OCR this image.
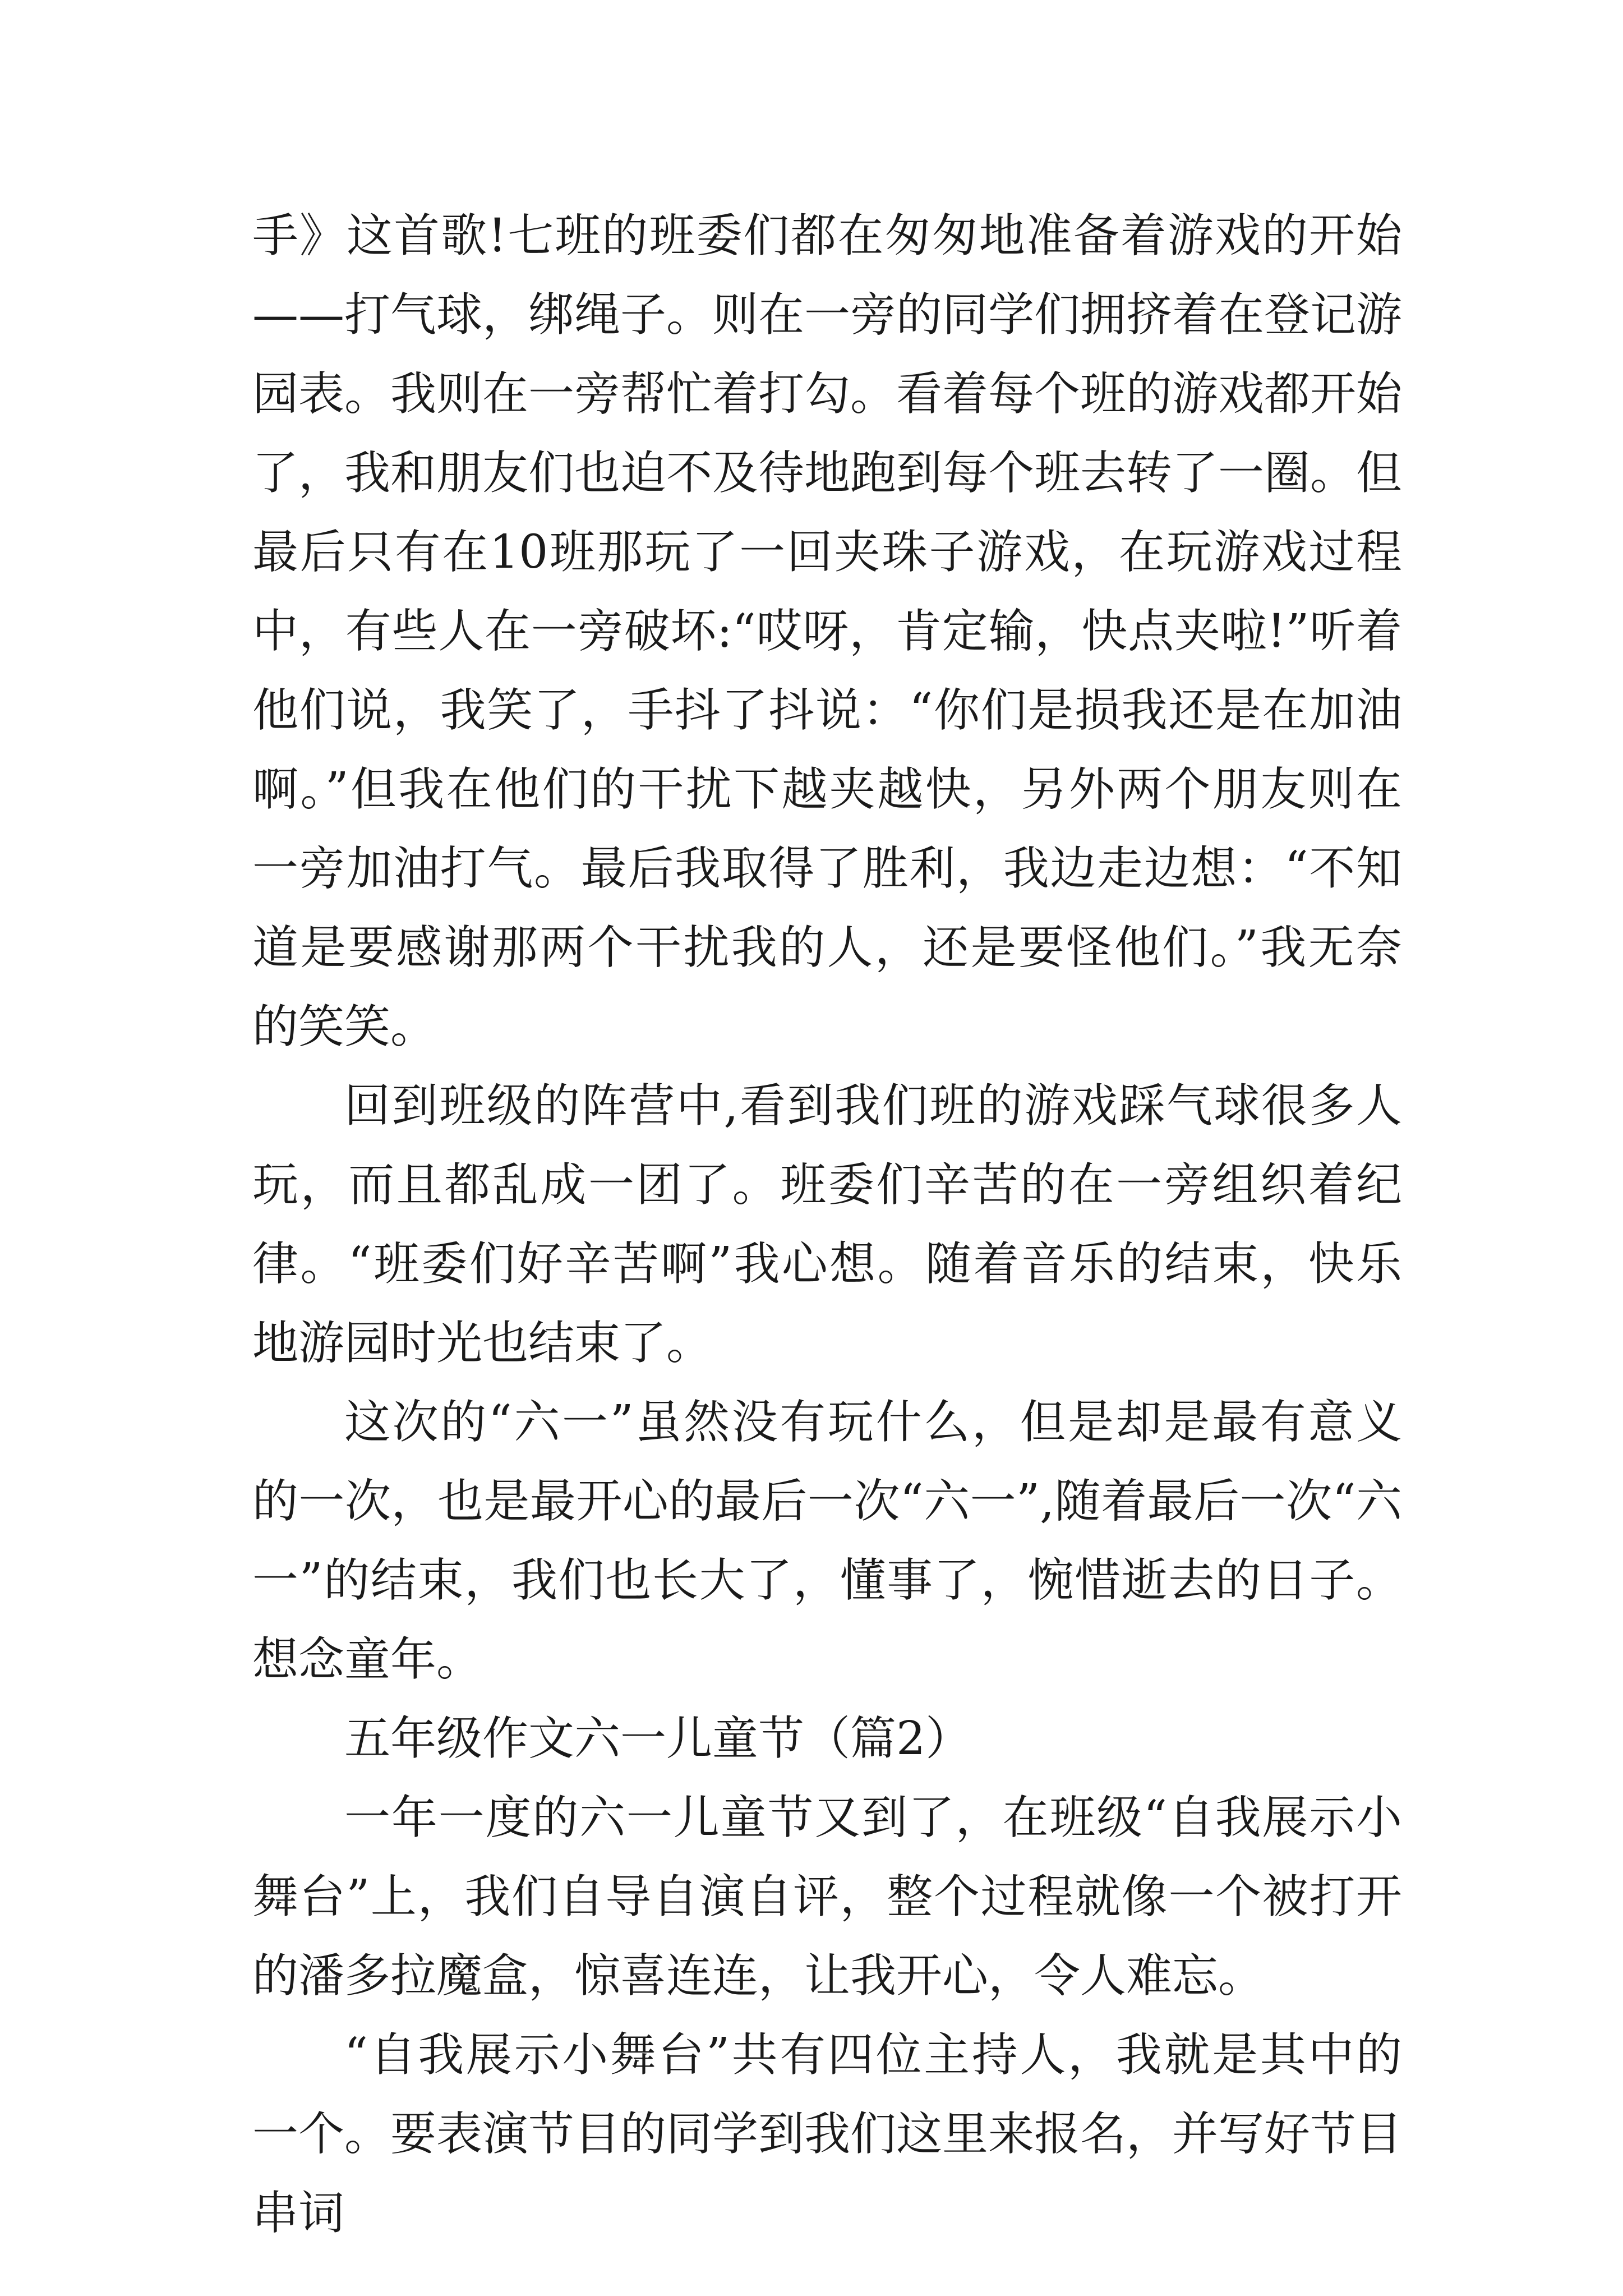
手》这首歌!七班的班委们都在匆匆地准备着游戏的开始——打气球，绑绳子。则在一旁的同学们拥挤着在登记游园表。我则在一旁帮忙着打勾。看着每个班的游戏都开始了，我和朋友们也迫不及待地跑到每个班去转了一圈。但最后只有在10班那玩了一回夹珠子游戏，在玩游戏过程中，有些人在一旁破坏:“哎呀，肯定输，快点夹啦!”听着他们说，我笑了，手抖了抖说：“你们是损我还是在加油啊。”但我在他们的干扰下越夹越快，另外两个朋友则在一旁加油打气。最后我取得了胜利，我边走边想：“不知道是要感谢那两个干扰我的人，还是要怪他们。”我无奈的笑笑。

回到班级的阵营中,看到我们班的游戏踩气球很多人玩，而且都乱成一团了。班委们辛苦的在一旁组织着纪律。“班委们好辛苦啊”我心想。随着音乐的结束，快乐地游园时光也结束了。

这次的“六一”虽然没有玩什么，但是却是最有意义的一次，也是最开心的最后一次“六一”,随着最后一次“六一”的结束，我们也长大了，懂事了，惋惜逝去的日子。想念童年。

五年级作文六一儿童节（篇2）

一年一度的六一儿童节又到了，在班级“自我展示小舞台”上，我们自导自演自评，整个过程就像一个被打开的潘多拉魔盒，惊喜连连，让我开心，令人难忘。

“自我展示小舞台”共有四位主持人，我就是其中的一个。要表演节目的同学到我们这里来报名，并写好节目串词
